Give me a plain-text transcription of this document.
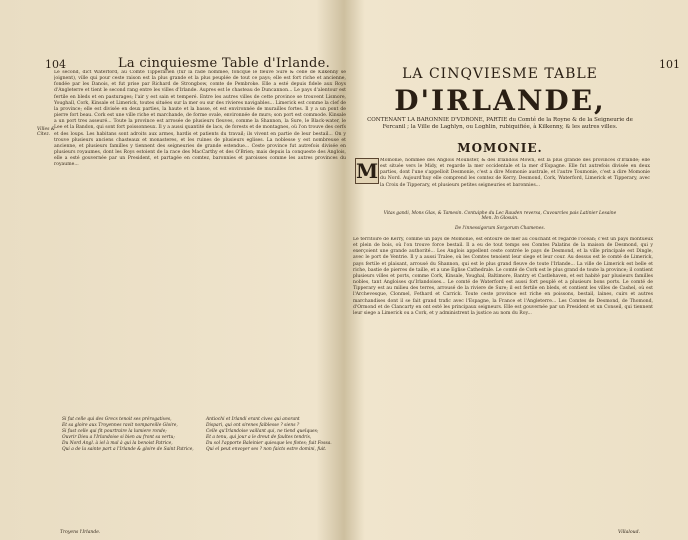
104	La cinquiesme Table d'Irlande.
Villes & Citez.
Le second, dict Waterford, au Comté Tipperarien (fur la rade nommée, foncque le fleuve Sure & celle de Kilkenny se joignent), ville qui pour ceste raison est la plus grande et la plus peuplée de tout ce pays; elle est fort riche et ancienne, fondée par les Danois, et fut prise par Richard de Strongbow, comte de Pembroke. Elle a esté depuis fidele aux Roys d'Angleterre et tient le second rang entre les villes d'Irlande. Aupres est le chasteau de Duncannon... Le pays d'alentour est fertile en bleds et en pasturages; l'air y est sain et temperé. Entre les autres villes de cette province se trouvent Lismore, Youghall, Cork, Kinsale et Limerick, toutes situées sur la mer ou sur des rivieres navigables... Limerick est comme la clef de la province; elle est divisée en deux parties, la haute et la basse, et est environnée de murailles fortes. Il y a un pont de pierre fort beau. Cork est une ville riche et marchande, de forme ovale, environnée de murs; son port est commode. Kinsale a un port tres asseuré... Toute la province est arrosée de plusieurs fleuves, comme la Shannon, la Sure, le Black-water, le Lee et la Bandon, qui sont fort poissonneux. Il y a aussi quantité de lacs, de forests et de montagnes, où l'on trouve des cerfs et des loups. Les habitans sont adroits aux armes, hardis et patients du travail; ils vivent en partie de leur bestail... On y trouve plusieurs anciens chasteaux et monasteres, et les ruines de plusieurs eglises. La noblesse y est nombreuse et ancienne, et plusieurs familles y tiennent des seigneuries de grande estendue... Ceste province fut autrefois divisée en plusieurs royaumes, dont les Roys estoient de la race des MacCarthy et des O'Brien; mais depuis la conqueste des Anglois, elle a esté gouvernée par un President, et partagée en comtez, baronnies et paroisses comme les autres provinces du royaume...
Si fut celle qui des Grecs tenoit ses prérogatives,
Et sa gloire aux Troyennes ravit nompareille Gloire,
Si fust celle qui fit pourtraire la lumiere ronde;
Ouvrir Dieu a l'Irlandoise si bien au front sa vertu;
Du Nord Angl. à iel à mal à qui la benoist Patrice,
Qui a de la sainte part a l'Irlande & gloire de Saint Patrice,
Antiochi et Irlandi erant cives qui anorant
Dispari, qui ont sirenes faiblesse ? siens ?
Celle qu'Irlandoise vaillant qui, ne tiend quelques;
Et a tenu, qui jour a le dreut de faultes tendris,
Du sol l'apporte Baleinier quiesque les flotes; fuit Fossa.
Qui el peut envoyer ses ? non faicts estre domini, fuit.
Troyens l'Irlande.
101
LA CINQVIESME TABLE
D'IRLANDE,
CONTENANT LA BARONNIE D'VDRONE, PARTIE du Comté de la Royne & de la Seigneurie de Fercanil ; la Ville de Laghlyn, ou Loghlin, rubiquifiée, à Kilkenny, & les autres villes.
MOMONIE.
M Momonie, nommée des Anglois Mounster, & des Irlandois Mown, est la plus grande des provinces d'Irlande; elle est située vers le Midy, et regarde la mer occidentale et la mer d'Espagne. Elle fut autrefois divisée en deux parties, dont l'une s'appelloit Desmonie, c'est a dire Momonie australe, et l'autre Toumonie, c'est a dire Momonie du Nord. Aujourd'huy elle comprend les comtez de Kerry, Desmond, Cork, Waterford, Limerick et Tipperary, avec la Croix de Tipperary, et plusieurs petites seigneuries et baronnies...
Vitas gandi, Mons Glas, & Tamesin. Contuiphe du Lec Rauden reversa, Cuvourcles pais Latinier Lesaine Men. In Glosuin.
De l'innessigorum Sorgorum Chamenes.
Le territoire de Kerry, comme un pays de Momonie, est entouré de mer au couchant et regarde l'ocean; c'est un pays montueux et plein de bois, où l'on trouve force bestail. Il a eu de tout temps ses Comtes Palatins de la maison de Desmond, qui y exerçoient une grande authorité... Les Anglois appellent ceste contrée le pays de Desmond, et la ville principale est Dingle, avec le port de Ventrie. Il y a aussi Tralee, où les Comtes tenoient leur siege et leur cour. Au dessus est le comté de Limerick, pays fertile et plaisant, arrousé du Shannon, qui est le plus grand fleuve de toute l'Irlande... La ville de Limerick est belle et riche, bastie de pierres de taille, et a une Eglise Cathedrale. Le comté de Cork est le plus grand de toute la province; il contient plusieurs villes et ports, comme Cork, Kinsale, Youghal, Baltimore, Bantry et Castlehaven, et est habité par plusieurs familles nobles, tant Angloises qu'Irlandoises... Le comté de Waterford est aussi fort peuplé et a plusieurs bons ports. Le comté de Tipperary est au milieu des terres, arrousé de la riviere de Sure; il est fertile en bleds, et contient les villes de Cashel, où est l'Archevesque, Clonmel, Fethard et Carrick. Toute ceste province est riche en poissons, bestail, laines, cuirs et autres marchandises dont il se fait grand trafic avec l'Espagne, la France et l'Angleterre... Les Comtes de Desmond, de Thomond, d'Ormond et de Clancarty en ont esté les principaux seigneurs. Elle est gouvernée par un President et un Conseil, qui tiennent leur siege a Limerick ou a Cork, et y administrent la justice au nom du Roy...
Villaloud.
